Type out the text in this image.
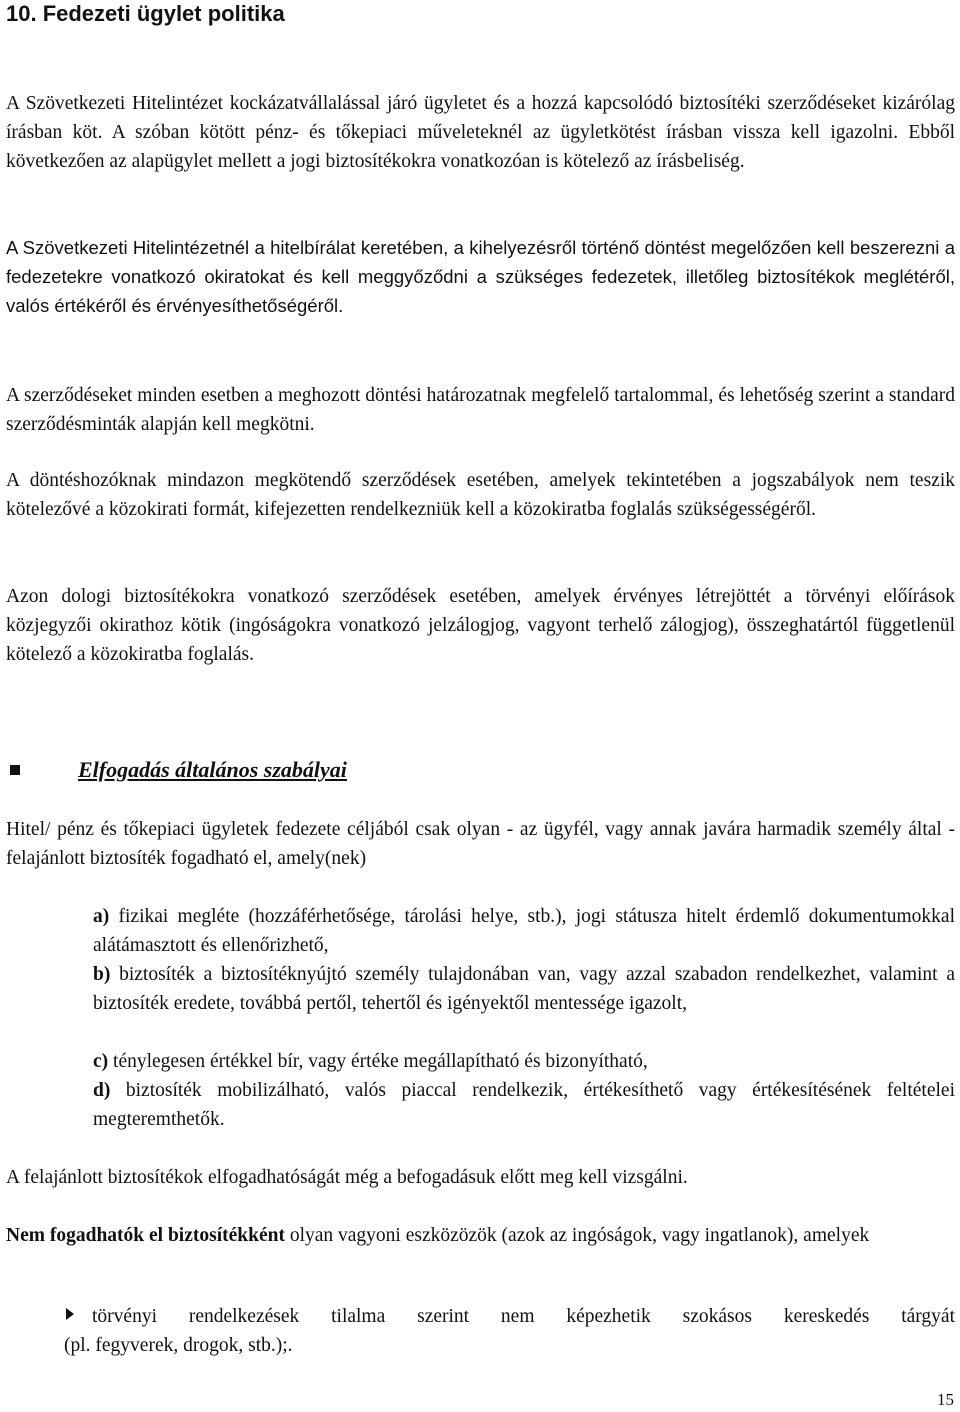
10. Fedezeti ügylet politika

A Szövetkezeti Hitelintézet kockázatvállalással járó ügyletet és a hozzá kapcsolódó biztosítéki szerződéseket kizárólag írásban köt. A szóban kötött pénz- és tőkepiaci műveleteknél az ügyletkötést írásban vissza kell igazolni. Ebből következően az alapügylet mellett a jogi biztosítékokra vonatkozóan is kötelező az írásbeliség.

A Szövetkezeti Hitelintézetnél a hitelbírálat keretében, a kihelyezésről történő döntést megelőzően kell beszerezni a fedezetekre vonatkozó okiratokat és kell meggyőződni a szükséges fedezetek, illetőleg biztosítékok meglétéről, valós értékéről és érvényesíthetőségéről.

A szerződéseket minden esetben a meghozott döntési határozatnak megfelelő tartalommal, és lehetőség szerint a standard szerződésminták alapján kell megkötni.

A döntéshozóknak mindazon megkötendő szerződések esetében, amelyek tekintetében a jogszabályok nem teszik kötelezővé a közokirati formát, kifejezetten rendelkezniük kell a közokiratba foglalás szükségességéről.

Azon dologi biztosítékokra vonatkozó szerződések esetében, amelyek érvényes létrejöttét a törvényi előírások közjegyzői okirathoz kötik (ingóságokra vonatkozó jelzálogjog, vagyont terhelő zálogjog), összeghatártól függetlenül kötelező a közokiratba foglalás.

Elfogadás általános szabályai

Hitel/ pénz és tőkepiaci ügyletek fedezete céljából csak olyan - az ügyfél, vagy annak javára harmadik személy által - felajánlott biztosíték fogadható el, amely(nek)

a) fizikai megléte (hozzáférhetősége, tárolási helye, stb.), jogi státusza hitelt érdemlő dokumentumokkal alátámasztott és ellenőrizhető,

b) biztosíték a biztosítéknyújtó személy tulajdonában van, vagy azzal szabadon rendelkezhet, valamint a biztosíték eredete, továbbá pertől, tehertől és igényektől mentessége igazolt,

c) ténylegesen értékkel bír, vagy értéke megállapítható és bizonyítható,

d) biztosíték mobilizálható, valós piaccal rendelkezik, értékesíthető vagy értékesítésének feltételei megteremthetők.

A felajánlott biztosítékok elfogadhatóságát még a befogadásuk előtt meg kell vizsgálni.

Nem fogadhatók el biztosítékként olyan vagyoni eszközözök (azok az ingóságok, vagy ingatlanok), amelyek

törvényi rendelkezések tilalma szerint nem képezhetik szokásos kereskedés tárgyát
(pl. fegyverek, drogok, stb.);.
15
